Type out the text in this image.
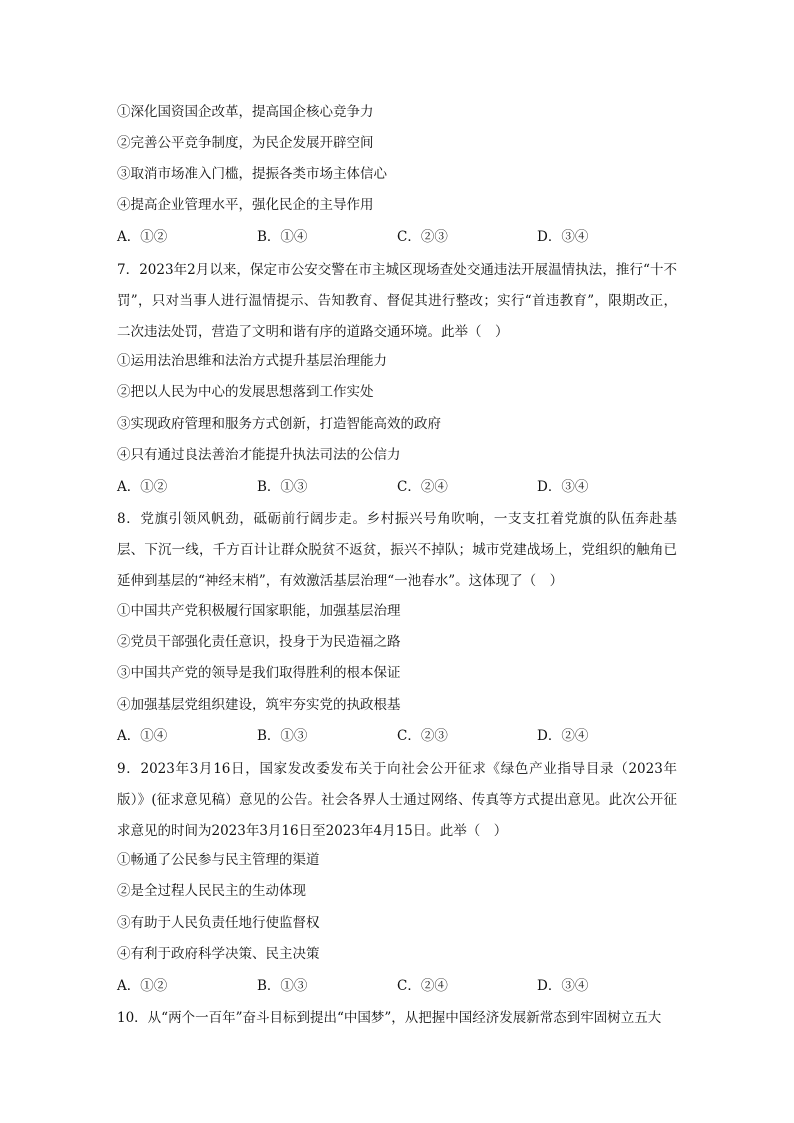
①深化国资国企改革，提高国企核心竞争力
②完善公平竞争制度，为民企发展开辟空间
③取消市场准入门槛，提振各类市场主体信心
④提高企业管理水平，强化民企的主导作用
A．①②	B．①④	C．②③	D．③④
7．2023年2月以来，保定市公安交警在市主城区现场查处交通违法开展温情执法，推行“十不罚”，只对当事人进行温情提示、告知教育、督促其进行整改；实行“首违教育”，限期改正，二次违法处罚，营造了文明和谐有序的道路交通环境。此举（　）
①运用法治思维和法治方式提升基层治理能力
②把以人民为中心的发展思想落到工作实处
③实现政府管理和服务方式创新，打造智能高效的政府
④只有通过良法善治才能提升执法司法的公信力
A．①②	B．①③	C．②④	D．③④
8．党旗引领风帆劲，砥砺前行阔步走。乡村振兴号角吹响，一支支扛着党旗的队伍奔赴基层、下沉一线，千方百计让群众脱贫不返贫，振兴不掉队；城市党建战场上，党组织的触角已延伸到基层的“神经末梢”，有效激活基层治理“一池春水”。这体现了（　）
①中国共产党积极履行国家职能，加强基层治理
②党员干部强化责任意识，投身于为民造福之路
③中国共产党的领导是我们取得胜利的根本保证
④加强基层党组织建设，筑牢夯实党的执政根基
A．①④	B．①③	C．②③	D．②④
9．2023年3月16日，国家发改委发布关于向社会公开征求《绿色产业指导目录（2023年版）》(征求意见稿）意见的公告。社会各界人士通过网络、传真等方式提出意见。此次公开征求意见的时间为2023年3月16日至2023年4月15日。此举（　）
①畅通了公民参与民主管理的渠道
②是全过程人民民主的生动体现
③有助于人民负责任地行使监督权
④有利于政府科学决策、民主决策
A．①②	B．①③	C．②④	D．③④
10．从“两个一百年”奋斗目标到提出“中国梦”，从把握中国经济发展新常态到牢固树立五大
